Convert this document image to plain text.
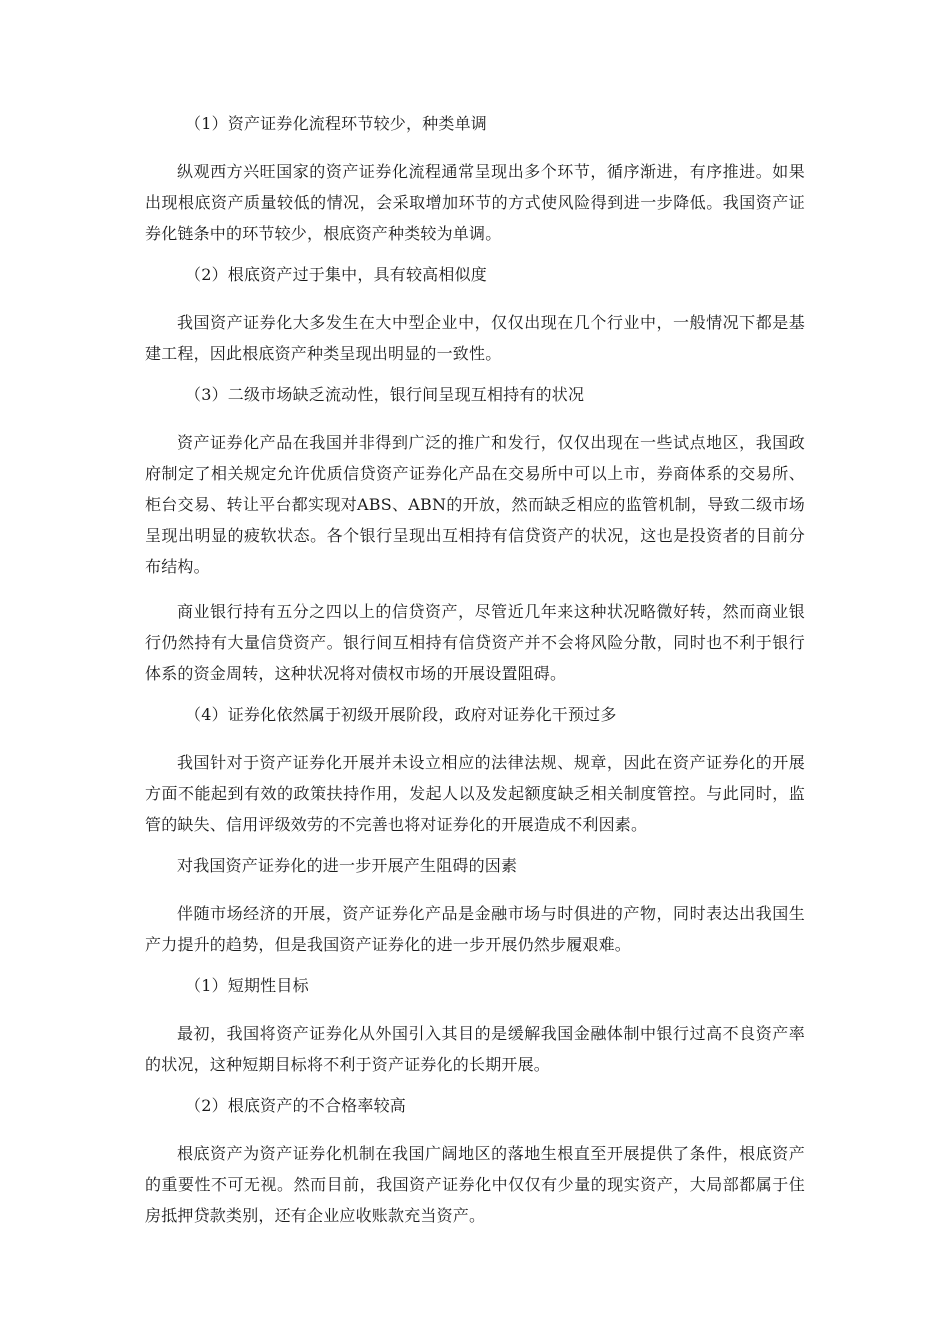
（1）资产证券化流程环节较少，种类单调

纵观西方兴旺国家的资产证券化流程通常呈现出多个环节，循序渐进，有序推进。如果出现根底资产质量较低的情况，会采取增加环节的方式使风险得到进一步降低。我国资产证券化链条中的环节较少，根底资产种类较为单调。

（2）根底资产过于集中，具有较高相似度

我国资产证券化大多发生在大中型企业中，仅仅出现在几个行业中，一般情况下都是基建工程，因此根底资产种类呈现出明显的一致性。

（3）二级市场缺乏流动性，银行间呈现互相持有的状况

资产证券化产品在我国并非得到广泛的推广和发行，仅仅出现在一些试点地区，我国政府制定了相关规定允许优质信贷资产证券化产品在交易所中可以上市，券商体系的交易所、柜台交易、转让平台都实现对ABS、ABN的开放，然而缺乏相应的监管机制，导致二级市场呈现出明显的疲软状态。各个银行呈现出互相持有信贷资产的状况，这也是投资者的目前分布结构。

商业银行持有五分之四以上的信贷资产，尽管近几年来这种状况略微好转，然而商业银行仍然持有大量信贷资产。银行间互相持有信贷资产并不会将风险分散，同时也不利于银行体系的资金周转，这种状况将对债权市场的开展设置阻碍。

（4）证券化依然属于初级开展阶段，政府对证券化干预过多

我国针对于资产证券化开展并未设立相应的法律法规、规章，因此在资产证券化的开展方面不能起到有效的政策扶持作用，发起人以及发起额度缺乏相关制度管控。与此同时，监管的缺失、信用评级效劳的不完善也将对证券化的开展造成不利因素。

对我国资产证券化的进一步开展产生阻碍的因素

伴随市场经济的开展，资产证券化产品是金融市场与时俱进的产物，同时表达出我国生产力提升的趋势，但是我国资产证券化的进一步开展仍然步履艰难。

（1）短期性目标

最初，我国将资产证券化从外国引入其目的是缓解我国金融体制中银行过高不良资产率的状况，这种短期目标将不利于资产证券化的长期开展。

（2）根底资产的不合格率较高

根底资产为资产证券化机制在我国广阔地区的落地生根直至开展提供了条件，根底资产的重要性不可无视。然而目前，我国资产证券化中仅仅有少量的现实资产，大局部都属于住房抵押贷款类别，还有企业应收账款充当资产。
